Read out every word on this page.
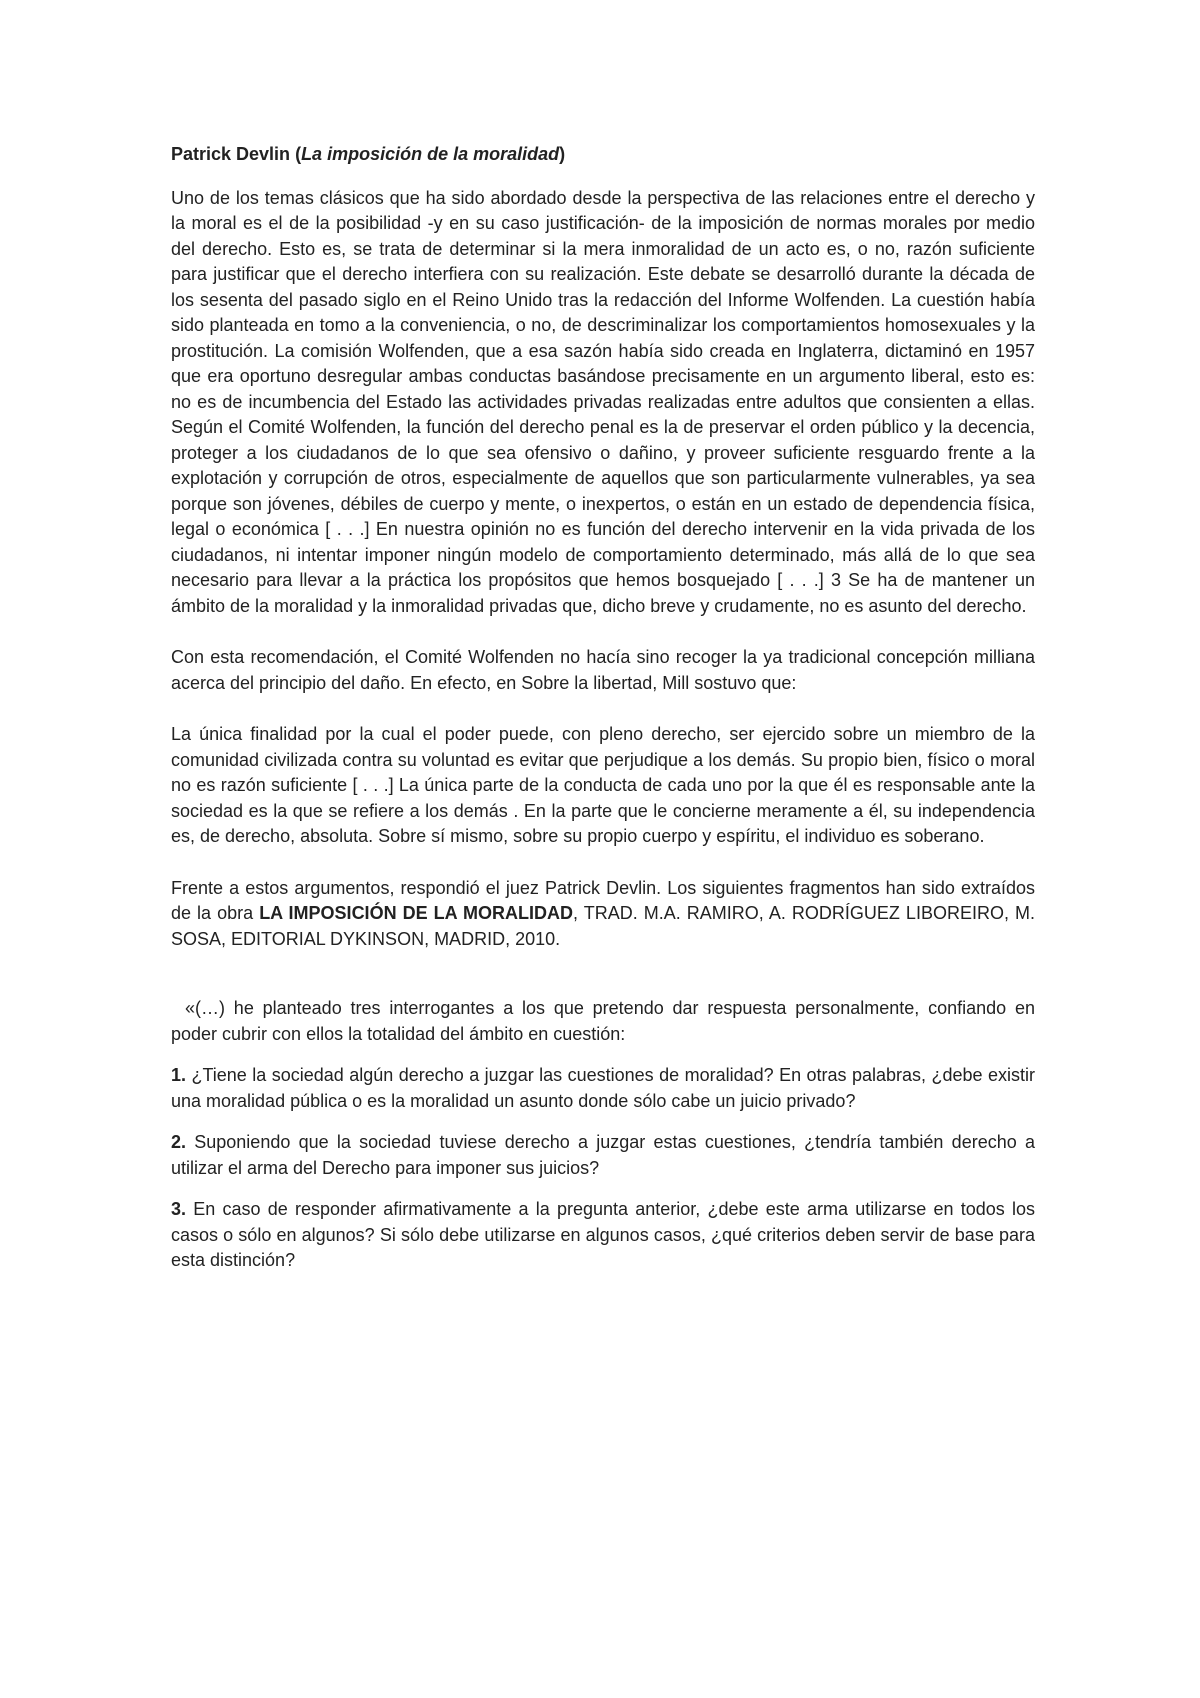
Patrick Devlin (La imposición de la moralidad)

Uno de los temas clásicos que ha sido abordado desde la perspectiva de las relaciones entre el derecho y la moral es el de la posibilidad -y en su caso justificación- de la imposición de normas morales por medio del derecho. Esto es, se trata de determinar si la mera inmoralidad de un acto es, o no, razón suficiente para justificar que el derecho interfiera con su realización. Este debate se desarrolló durante la década de los sesenta del pasado siglo en el Reino Unido tras la redacción del Informe Wolfenden. La cuestión había sido planteada en tomo a la conveniencia, o no, de descriminalizar los comportamientos homosexuales y la prostitución. La comisión Wolfenden, que a esa sazón había sido creada en Inglaterra, dictaminó en 1957 que era oportuno desregular ambas conductas basándose precisamente en un argumento liberal, esto es: no es de incumbencia del Estado las actividades privadas realizadas entre adultos que consienten a ellas. Según el Comité Wolfenden, la función del derecho penal es la de preservar el orden público y la decencia, proteger a los ciudadanos de lo que sea ofensivo o dañino, y proveer suficiente resguardo frente a la explotación y corrupción de otros, especialmente de aquellos que son particularmente vulnerables, ya sea porque son jóvenes, débiles de cuerpo y mente, o inexpertos, o están en un estado de dependencia física, legal o económica [ . . .] En nuestra opinión no es función del derecho intervenir en la vida privada de los ciudadanos, ni intentar imponer ningún modelo de comportamiento determinado, más allá de lo que sea necesario para llevar a la práctica los propósitos que hemos bosquejado [ . . .] 3 Se ha de mantener un ámbito de la moralidad y la inmoralidad privadas que, dicho breve y crudamente, no es asunto del derecho.

Con esta recomendación, el Comité Wolfenden no hacía sino recoger la ya tradicional concepción milliana acerca del principio del daño. En efecto, en Sobre la libertad, Mill sostuvo que:

La única finalidad por la cual el poder puede, con pleno derecho, ser ejercido sobre un miembro de la comunidad civilizada contra su voluntad es evitar que perjudique a los demás. Su propio bien, físico o moral no es razón suficiente [ . . .] La única parte de la conducta de cada uno por la que él es responsable ante la sociedad es la que se refiere a los demás . En la parte que le concierne meramente a él, su independencia es, de derecho, absoluta. Sobre sí mismo, sobre su propio cuerpo y espíritu, el individuo es soberano.

Frente a estos argumentos, respondió el juez Patrick Devlin. Los siguientes fragmentos han sido extraídos de la obra LA IMPOSICIÓN DE LA MORALIDAD, TRAD. M.A. RAMIRO, A. RODRÍGUEZ LIBOREIRO, M. SOSA, EDITORIAL DYKINSON, MADRID, 2010.

«(…) he planteado tres interrogantes a los que pretendo dar respuesta personalmente, confiando en poder cubrir con ellos la totalidad del ámbito en cuestión:

1. ¿Tiene la sociedad algún derecho a juzgar las cuestiones de moralidad? En otras palabras, ¿debe existir una moralidad pública o es la moralidad un asunto donde sólo cabe un juicio privado?

2. Suponiendo que la sociedad tuviese derecho a juzgar estas cuestiones, ¿tendría también derecho a utilizar el arma del Derecho para imponer sus juicios?

3. En caso de responder afirmativamente a la pregunta anterior, ¿debe este arma utilizarse en todos los casos o sólo en algunos? Si sólo debe utilizarse en algunos casos, ¿qué criterios deben servir de base para esta distinción?
